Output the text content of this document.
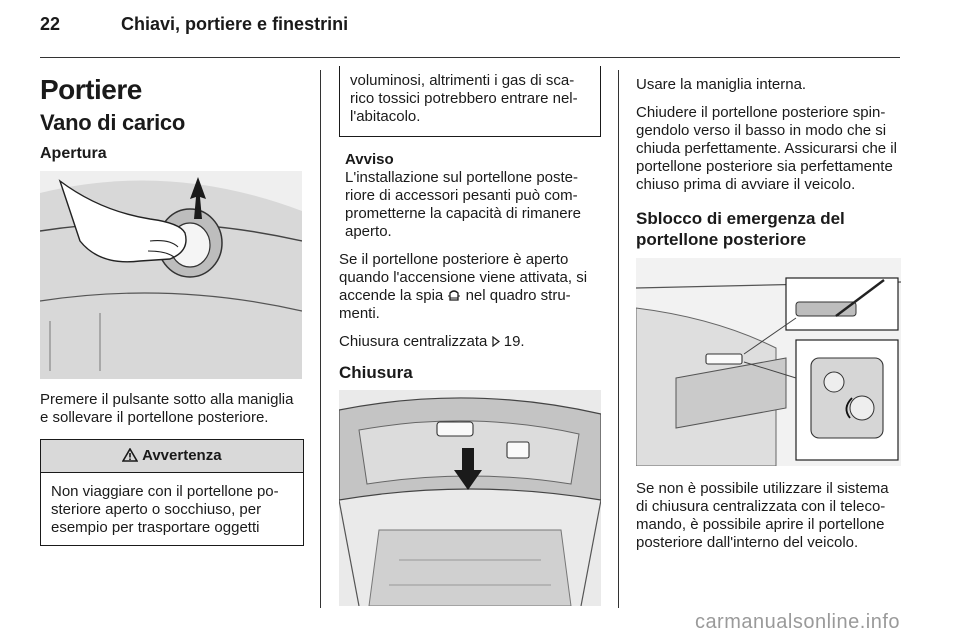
22	Chiavi, portiere e finestrini
Portiere
Vano di carico
Apertura

Premere il pulsante sotto alla maniglia e sollevare il portellone posteriore.

Avvertenza
Non viaggiare con il portellone posteriore aperto o socchiuso, per esempio per trasportare oggetti
voluminosi, altrimenti i gas di scarico tossici potrebbero entrare nell'abitacolo.
Avviso
L'installazione sul portellone posteriore di accessori pesanti può comprometterne la capacità di rimanere aperto.

Se il portellone posteriore è aperto quando l'accensione viene attivata, si accende la spia nel quadro strumenti.

Chiusura centralizzata 19.

Chiusura

Usare la maniglia interna.

Chiudere il portellone posteriore spingendolo verso il basso in modo che si chiuda perfettamente. Assicurarsi che il portellone posteriore sia perfettamente chiuso prima di avviare il veicolo.

Sblocco di emergenza del portellone posteriore

Se non è possibile utilizzare il sistema di chiusura centralizzata con il telecomando, è possibile aprire il portellone posteriore dall'interno del veicolo.

carmanualsonline.info
